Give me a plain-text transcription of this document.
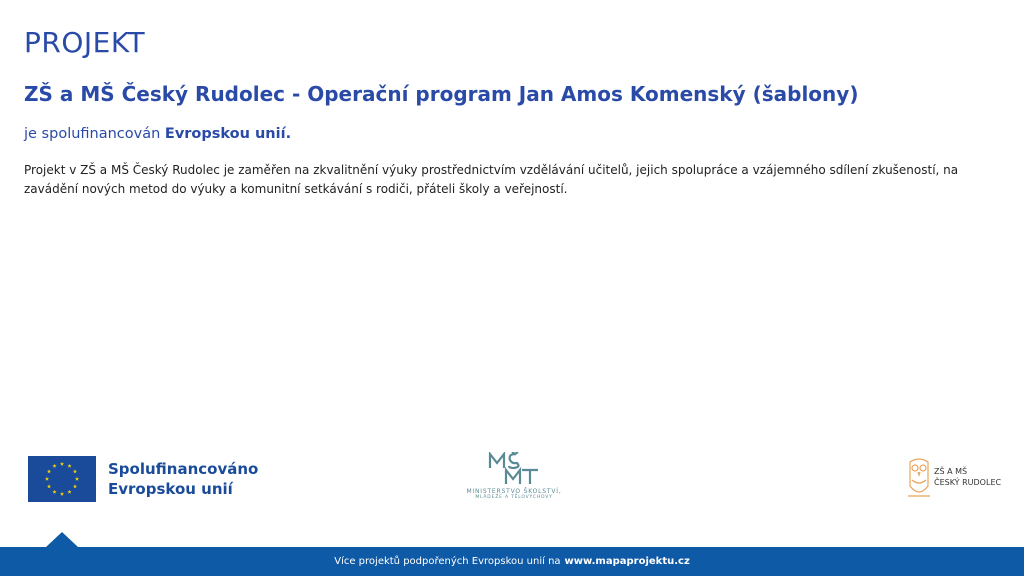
PROJEKT
ZŠ a MŠ Český Rudolec - Operační program Jan Amos Komenský (šablony)
je spolufinancován Evropskou unií.
Projekt v ZŠ a MŠ Český Rudolec je zaměřen na zkvalitnění výuky prostřednictvím vzdělávání učitelů, jejich spolupráce a vzájemného sdílení zkušeností, na zavádění nových metod do výuky a komunitní setkávání s rodiči, přáteli školy a veřejností.
Spolufinancováno
Evropskou unií	MINISTERSTVO ŠKOLSTVÍ,
MLÁDEŽE A TĚLOVÝCHOVY
ZŠ A MŠ
ČESKÝ RUDOLEC
Více projektů podpořených Evropskou unií na www.mapaprojektu.cz
